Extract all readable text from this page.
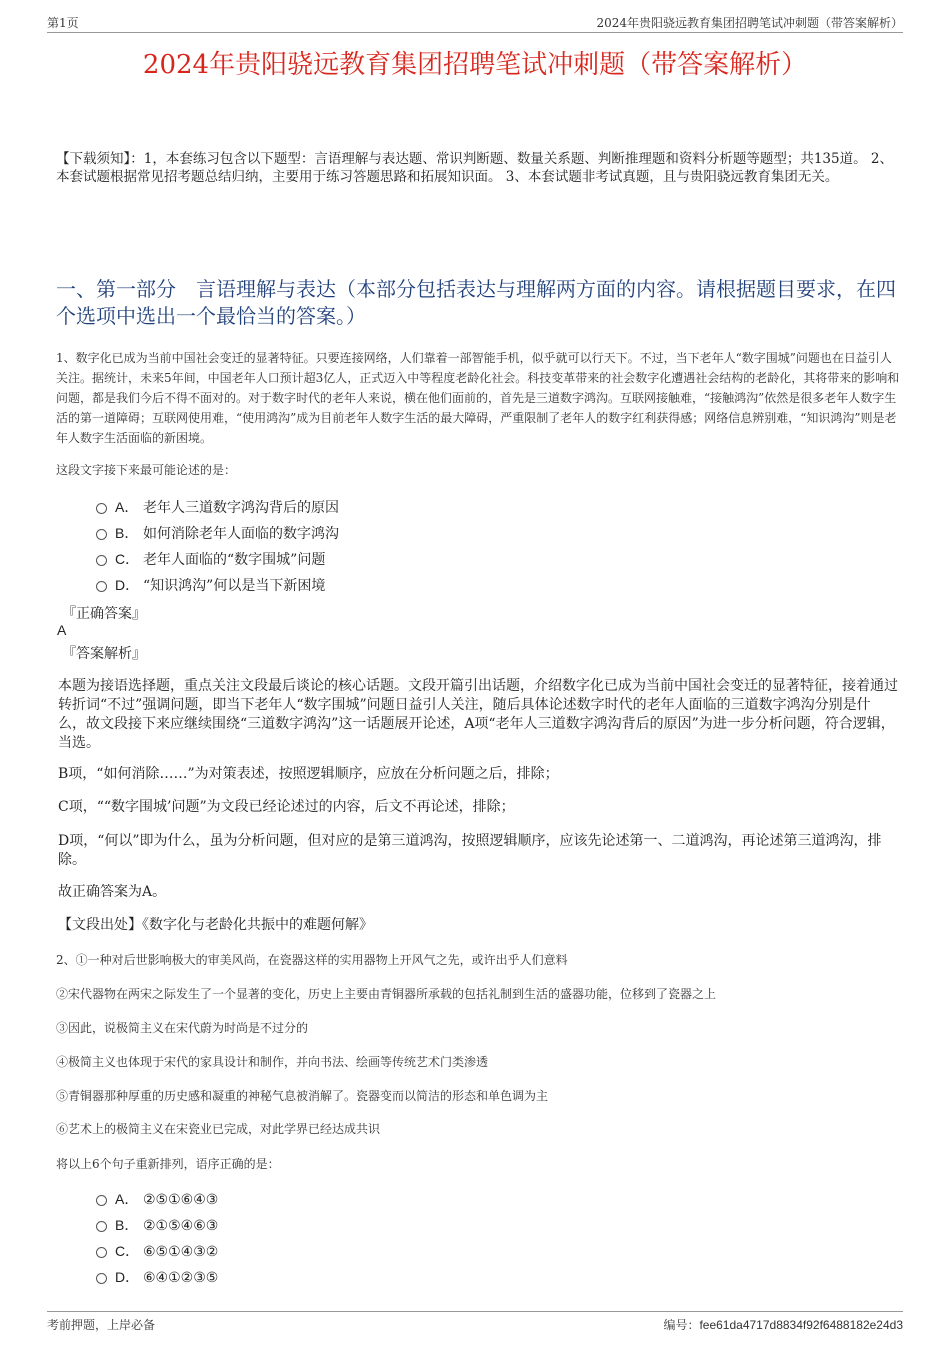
第1页	2024年贵阳骁远教育集团招聘笔试冲刺题（带答案解析）
2024年贵阳骁远教育集团招聘笔试冲刺题（带答案解析）
【下载须知】：1，本套练习包含以下题型：言语理解与表达题、常识判断题、数量关系题、判断推理题和资料分析题等题型；共135道。 2、本套试题根据常见招考题总结归纳，主要用于练习答题思路和拓展知识面。 3、本套试题非考试真题，且与贵阳骁远教育集团无关。
一、第一部分　言语理解与表达（本部分包括表达与理解两方面的内容。请根据题目要求，在四个选项中选出一个最恰当的答案。）
1、数字化已成为当前中国社会变迁的显著特征。只要连接网络，人们靠着一部智能手机，似乎就可以行天下。不过，当下老年人“数字围城”问题也在日益引人关注。据统计，未来5年间，中国老年人口预计超3亿人，正式迈入中等程度老龄化社会。科技变革带来的社会数字化遭遇社会结构的老龄化，其将带来的影响和问题，都是我们今后不得不面对的。对于数字时代的老年人来说，横在他们面前的，首先是三道数字鸿沟。互联网接触难，“接触鸿沟”依然是很多老年人数字生活的第一道障碍；互联网使用难，“使用鸿沟”成为目前老年人数字生活的最大障碍，严重限制了老年人的数字红利获得感；网络信息辨别难，“知识鸿沟”则是老年人数字生活面临的新困境。
这段文字接下来最可能论述的是：
A． 老年人三道数字鸿沟背后的原因
B． 如何消除老年人面临的数字鸿沟
C． 老年人面临的“数字围城”问题
D． “知识鸿沟”何以是当下新困境
『正确答案』
A
『答案解析』
本题为接语选择题，重点关注文段最后谈论的核心话题。文段开篇引出话题，介绍数字化已成为当前中国社会变迁的显著特征，接着通过转折词“不过”强调问题，即当下老年人“数字围城”问题日益引人关注，随后具体论述数字时代的老年人面临的三道数字鸿沟分别是什么，故文段接下来应继续围绕“三道数字鸿沟”这一话题展开论述，A项“老年人三道数字鸿沟背后的原因”为进一步分析问题，符合逻辑，当选。
B项，“如何消除……”为对策表述，按照逻辑顺序，应放在分析问题之后，排除；
C项，““数字围城’问题”为文段已经论述过的内容，后文不再论述，排除；
D项，“何以”即为什么，虽为分析问题，但对应的是第三道鸿沟，按照逻辑顺序，应该先论述第一、二道鸿沟，再论述第三道鸿沟，排除。
故正确答案为A。
【文段出处】《数字化与老龄化共振中的难题何解》
2、①一种对后世影响极大的审美风尚，在瓷器这样的实用器物上开风气之先，或许出乎人们意料
②宋代器物在两宋之际发生了一个显著的变化，历史上主要由青铜器所承载的包括礼制到生活的盛器功能，位移到了瓷器之上
③因此，说极简主义在宋代蔚为时尚是不过分的
④极简主义也体现于宋代的家具设计和制作，并向书法、绘画等传统艺术门类渗透
⑤青铜器那种厚重的历史感和凝重的神秘气息被消解了。瓷器变而以简洁的形态和单色调为主
⑥艺术上的极简主义在宋瓷业已完成，对此学界已经达成共识
将以上6个句子重新排列，语序正确的是：
A． ②⑤①⑥④③
B． ②①⑤④⑥③
C． ⑥⑤①④③②
D． ⑥④①②③⑤
考前押题，上岸必备	编号：fee61da4717d8834f92f6488182e24d3
